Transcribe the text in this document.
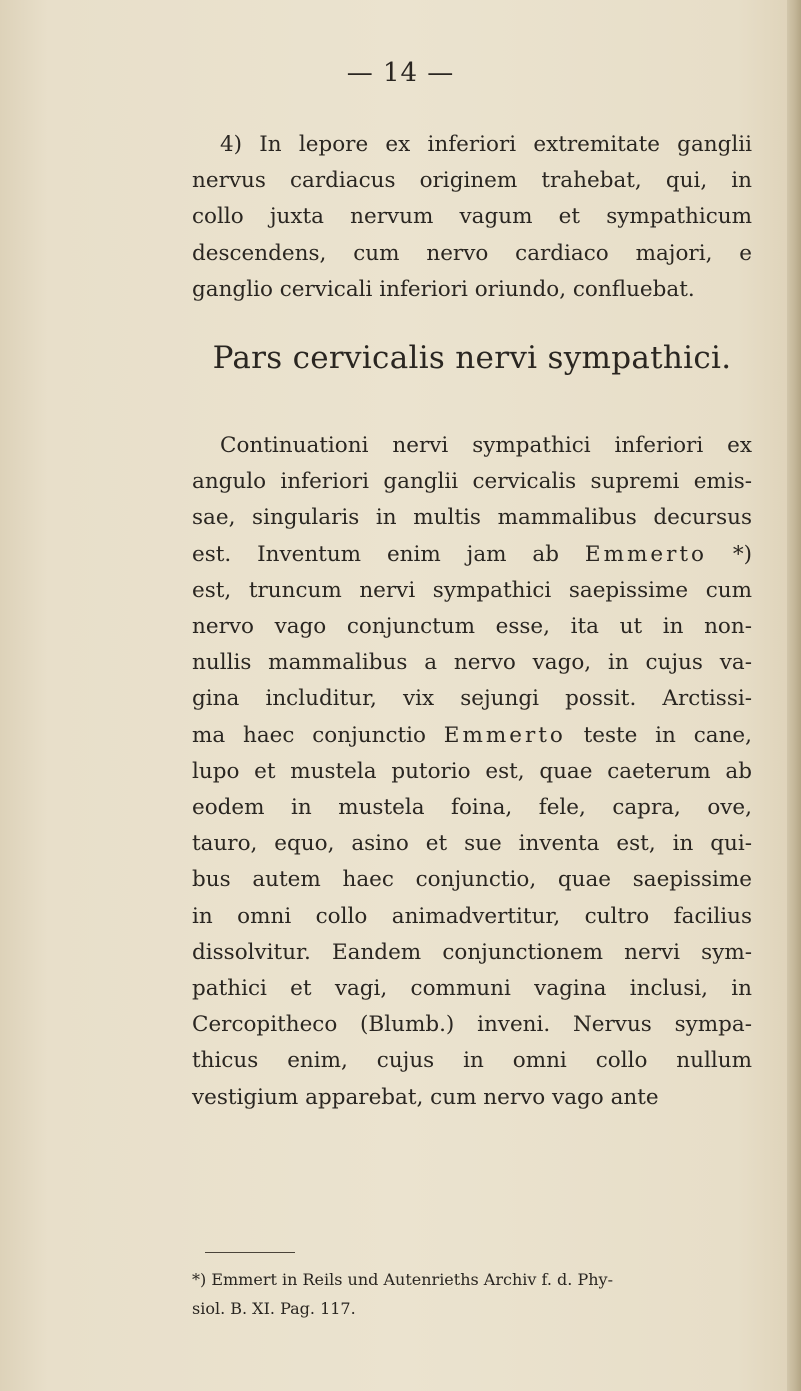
— 14 —

4) In lepore ex inferiori extremitate ganglii
nervus cardiacus originem trahebat, qui, in
collo juxta nervum vagum et sympathicum
descendens, cum nervo cardiaco majori, e
ganglio cervicali inferiori oriundo, confluebat.

Pars cervicalis nervi sympathici.

Continuationi nervi sympathici inferiori ex
angulo inferiori ganglii cervicalis supremi emis-
sae, singularis in multis mammalibus decursus
est. Inventum enim jam ab Emmerto *)
est, truncum nervi sympathici saepissime cum
nervo vago conjunctum esse, ita ut in non-
nullis mammalibus a nervo vago, in cujus va-
gina includitur, vix sejungi possit. Arctissi-
ma haec conjunctio Emmerto teste in cane,
lupo et mustela putorio est, quae caeterum ab
eodem in mustela foina, fele, capra, ove,
tauro, equo, asino et sue inventa est, in qui-
bus autem haec conjunctio, quae saepissime
in omni collo animadvertitur, cultro facilius
dissolvitur. Eandem conjunctionem nervi sym-
pathici et vagi, communi vagina inclusi, in
Cercopitheco (Blumb.) inveni. Nervus sympa-
thicus enim, cujus in omni collo nullum
vestigium apparebat, cum nervo vago ante

*) Emmert in Reils und Autenrieths Archiv f. d. Phy-
siol. B. XI. Pag. 117.
